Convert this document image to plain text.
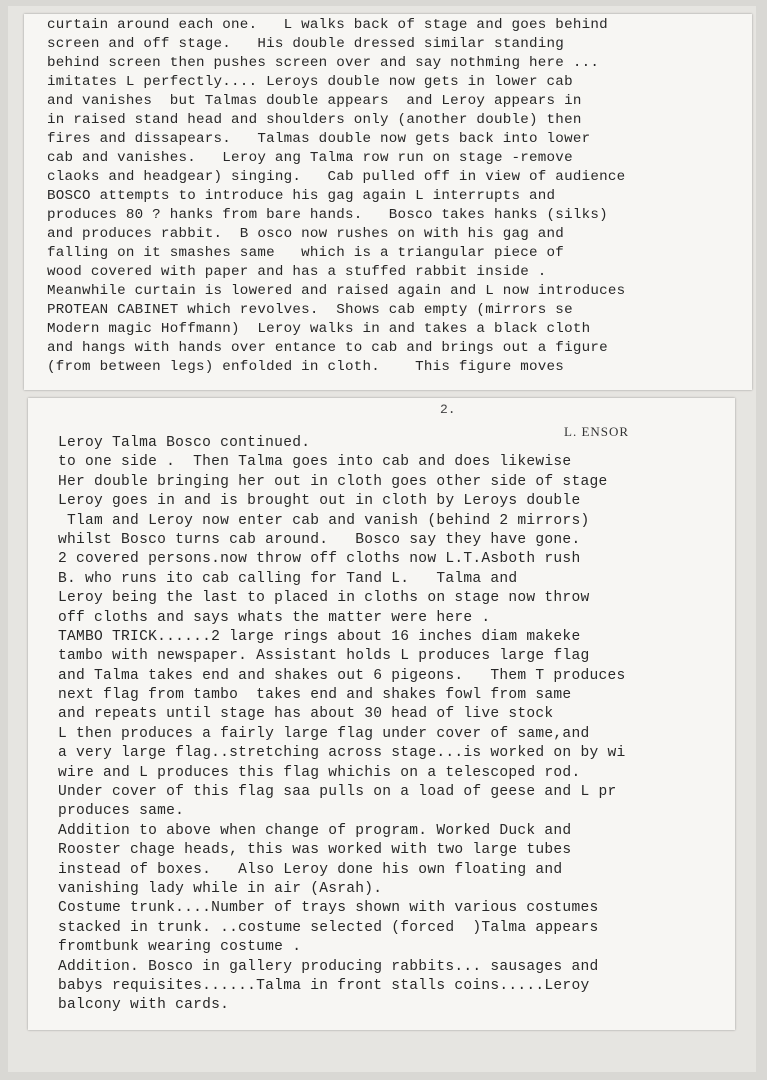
curtain around each one.   L walks back of stage and goes behind
screen and off stage.   His double dressed similar standing
behind screen then pushes screen over and say nothming here ...
imitates L perfectly.... Leroys double now gets in lower cab
and vanishes  but Talmas double appears  and Leroy appears in
in raised stand head and shoulders only (another double) then
fires and dissapears.   Talmas double now gets back into lower
cab and vanishes.   Leroy ang Talma row run on stage -remove
claoks and headgear) singing.   Cab pulled off in view of audience
BOSCO attempts to introduce his gag again L interrupts and
produces 80 ? hanks from bare hands.   Bosco takes hanks (silks)
and produces rabbit.  B osco now rushes on with his gag and
falling on it smashes same   which is a triangular piece of
wood covered with paper and has a stuffed rabbit inside .
Meanwhile curtain is lowered and raised again and L now introduces
PROTEAN CABINET which revolves.  Shows cab empty (mirrors se
Modern magic Hoffmann)  Leroy walks in and takes a black cloth
and hangs with hands over entance to cab and brings out a figure
(from between legs) enfolded in cloth.    This figure moves
2.
L. ENSOR
Leroy Talma Bosco continued.
to one side .  Then Talma goes into cab and does likewise
Her double bringing her out in cloth goes other side of stage
Leroy goes in and is brought out in cloth by Leroys double
Tlam and Leroy now enter cab and vanish (behind 2 mirrors)
whilst Bosco turns cab around.   Bosco say they have gone.
2 covered persons.now throw off cloths now L.T.Asboth rush
B. who runs ito cab calling for Tand L.   Talma and
Leroy being the last to placed in cloths on stage now throw
off cloths and says whats the matter were here .
TAMBO TRICK......2 large rings about 16 inches diam makeke
tambo with newspaper. Assistant holds L produces large flag
and Talma takes end and shakes out 6 pigeons.   Them T produces
next flag from tambo  takes end and shakes fowl from same
and repeats until stage has about 30 head of live stock
L then produces a fairly large flag under cover of same,and
a very large flag..stretching across stage...is worked on by wi
wire and L produces this flag whichis on a telescoped rod.
Under cover of this flag saa pulls on a load of geese and L pr
produces same.
Addition to above when change of program. Worked Duck and
Rooster chage heads, this was worked with two large tubes
instead of boxes.   Also Leroy done his own floating and
vanishing lady while in air (Asrah).
Costume trunk....Number of trays shown with various costumes
stacked in trunk. ..costume selected (forced  )Talma appears
fromtbunk wearing costume .
Addition. Bosco in gallery producing rabbits... sausages and
babys requisites......Talma in front stalls coins.....Leroy
balcony with cards.
